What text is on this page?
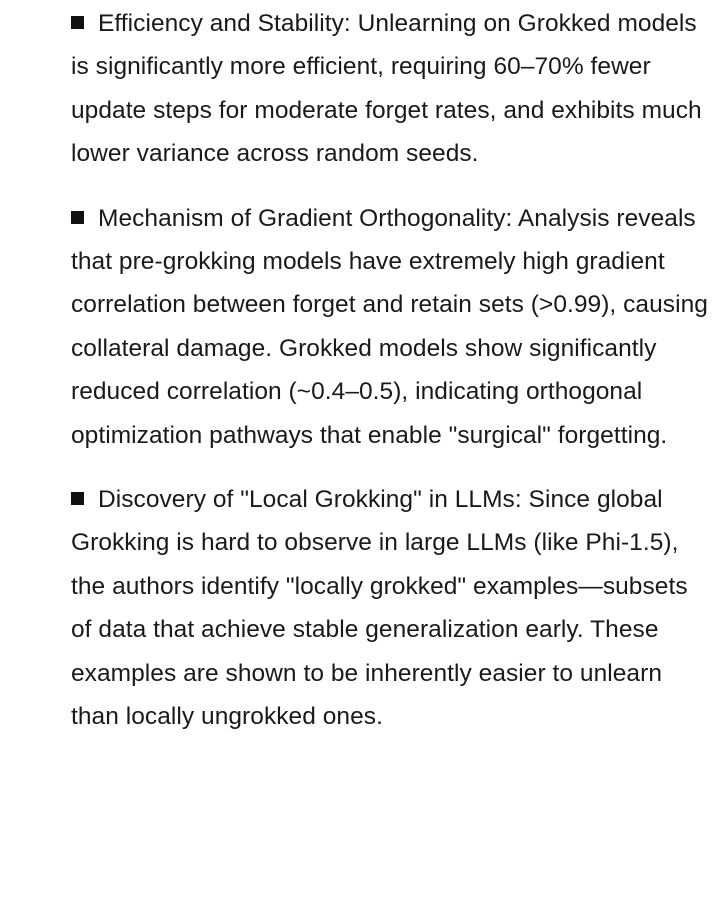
Efficiency and Stability: Unlearning on Grokked models is significantly more efficient, requiring 60–70% fewer update steps for moderate forget rates, and exhibits much lower variance across random seeds.

Mechanism of Gradient Orthogonality: Analysis reveals that pre-grokking models have extremely high gradient correlation between forget and retain sets (>0.99), causing collateral damage. Grokked models show significantly reduced correlation (~0.4–0.5), indicating orthogonal optimization pathways that enable "surgical" forgetting.

Discovery of "Local Grokking" in LLMs: Since global Grokking is hard to observe in large LLMs (like Phi-1.5), the authors identify "locally grokked" examples—subsets of data that achieve stable generalization early. These examples are shown to be inherently easier to unlearn than locally ungrokked ones.
